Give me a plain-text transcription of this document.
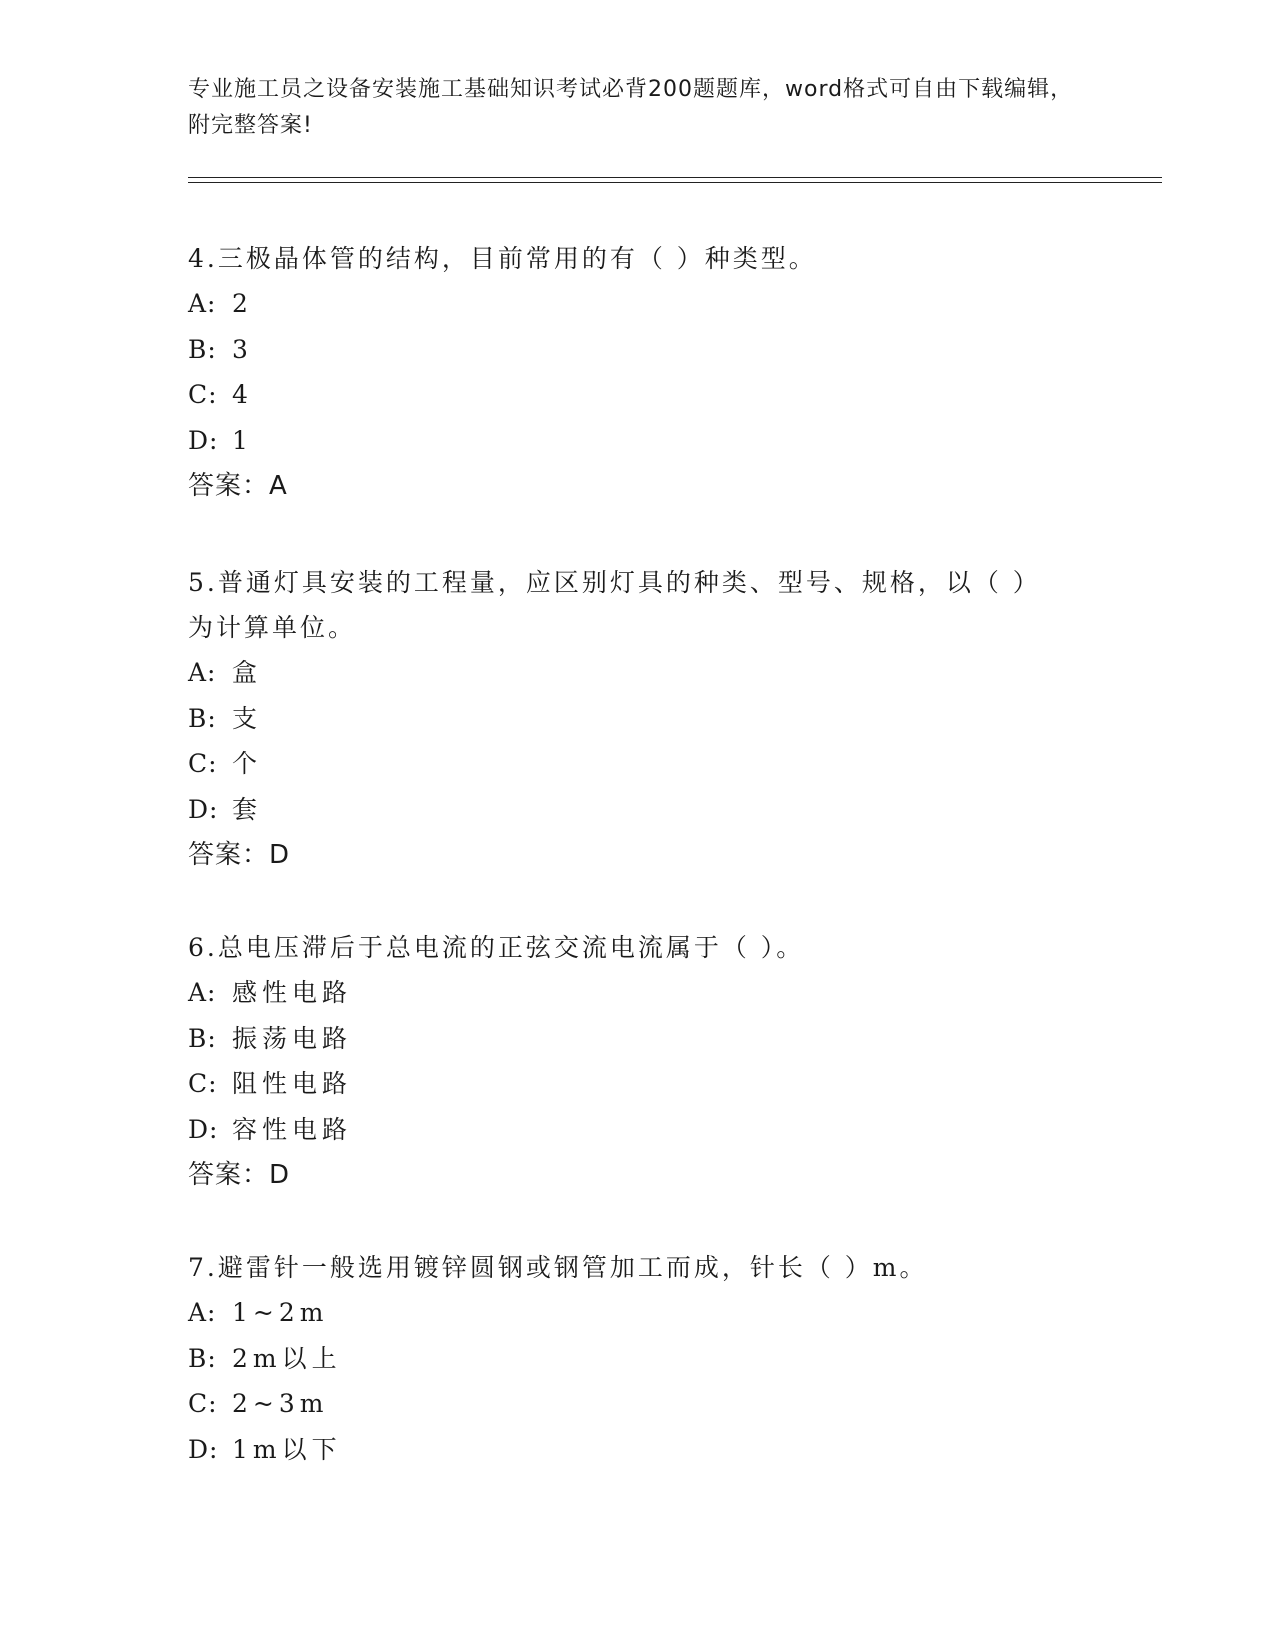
专业施工员之设备安装施工基础知识考试必背200题题库，word格式可自由下载编辑，附完整答案!
4.三极晶体管的结构，目前常用的有（ ）种类型。
A: 2
B: 3
C: 4
D: 1
答案：A
5.普通灯具安装的工程量，应区别灯具的种类、型号、规格，以（ ）为计算单位。
A: 盒
B: 支
C: 个
D: 套
答案：D
6.总电压滞后于总电流的正弦交流电流属于（ ）。
A: 感性电路
B: 振荡电路
C: 阻性电路
D: 容性电路
答案：D
7.避雷针一般选用镀锌圆钢或钢管加工而成，针长（ ）m。
A: 1~2m
B: 2m以上
C: 2~3m
D: 1m以下
